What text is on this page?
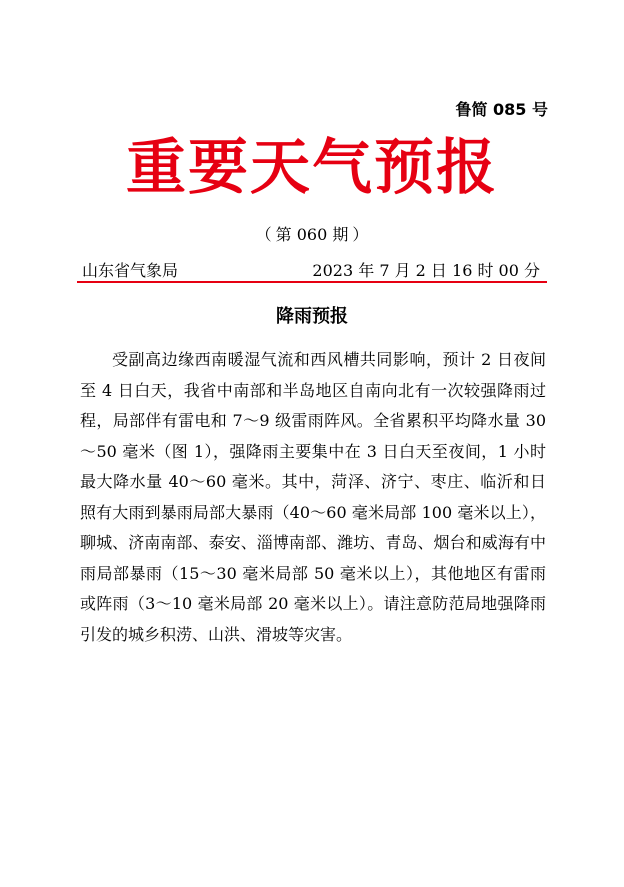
鲁简 085 号
重要天气预报
（ 第 060 期 ）
山东省气象局	2023 年 7 月 2 日 16 时 00 分
降雨预报

受副高边缘西南暖湿气流和西风槽共同影响，预计 2 日夜间至 4 日白天，我省中南部和半岛地区自南向北有一次较强降雨过程，局部伴有雷电和 7～9 级雷雨阵风。全省累积平均降水量 30～50 毫米（图 1），强降雨主要集中在 3 日白天至夜间，1 小时最大降水量 40～60 毫米。其中，菏泽、济宁、枣庄、临沂和日照有大雨到暴雨局部大暴雨（40～60 毫米局部 100 毫米以上），聊城、济南南部、泰安、淄博南部、潍坊、青岛、烟台和威海有中雨局部暴雨（15～30 毫米局部 50 毫米以上），其他地区有雷雨或阵雨（3～10 毫米局部 20 毫米以上）。请注意防范局地强降雨引发的城乡积涝、山洪、滑坡等灾害。
